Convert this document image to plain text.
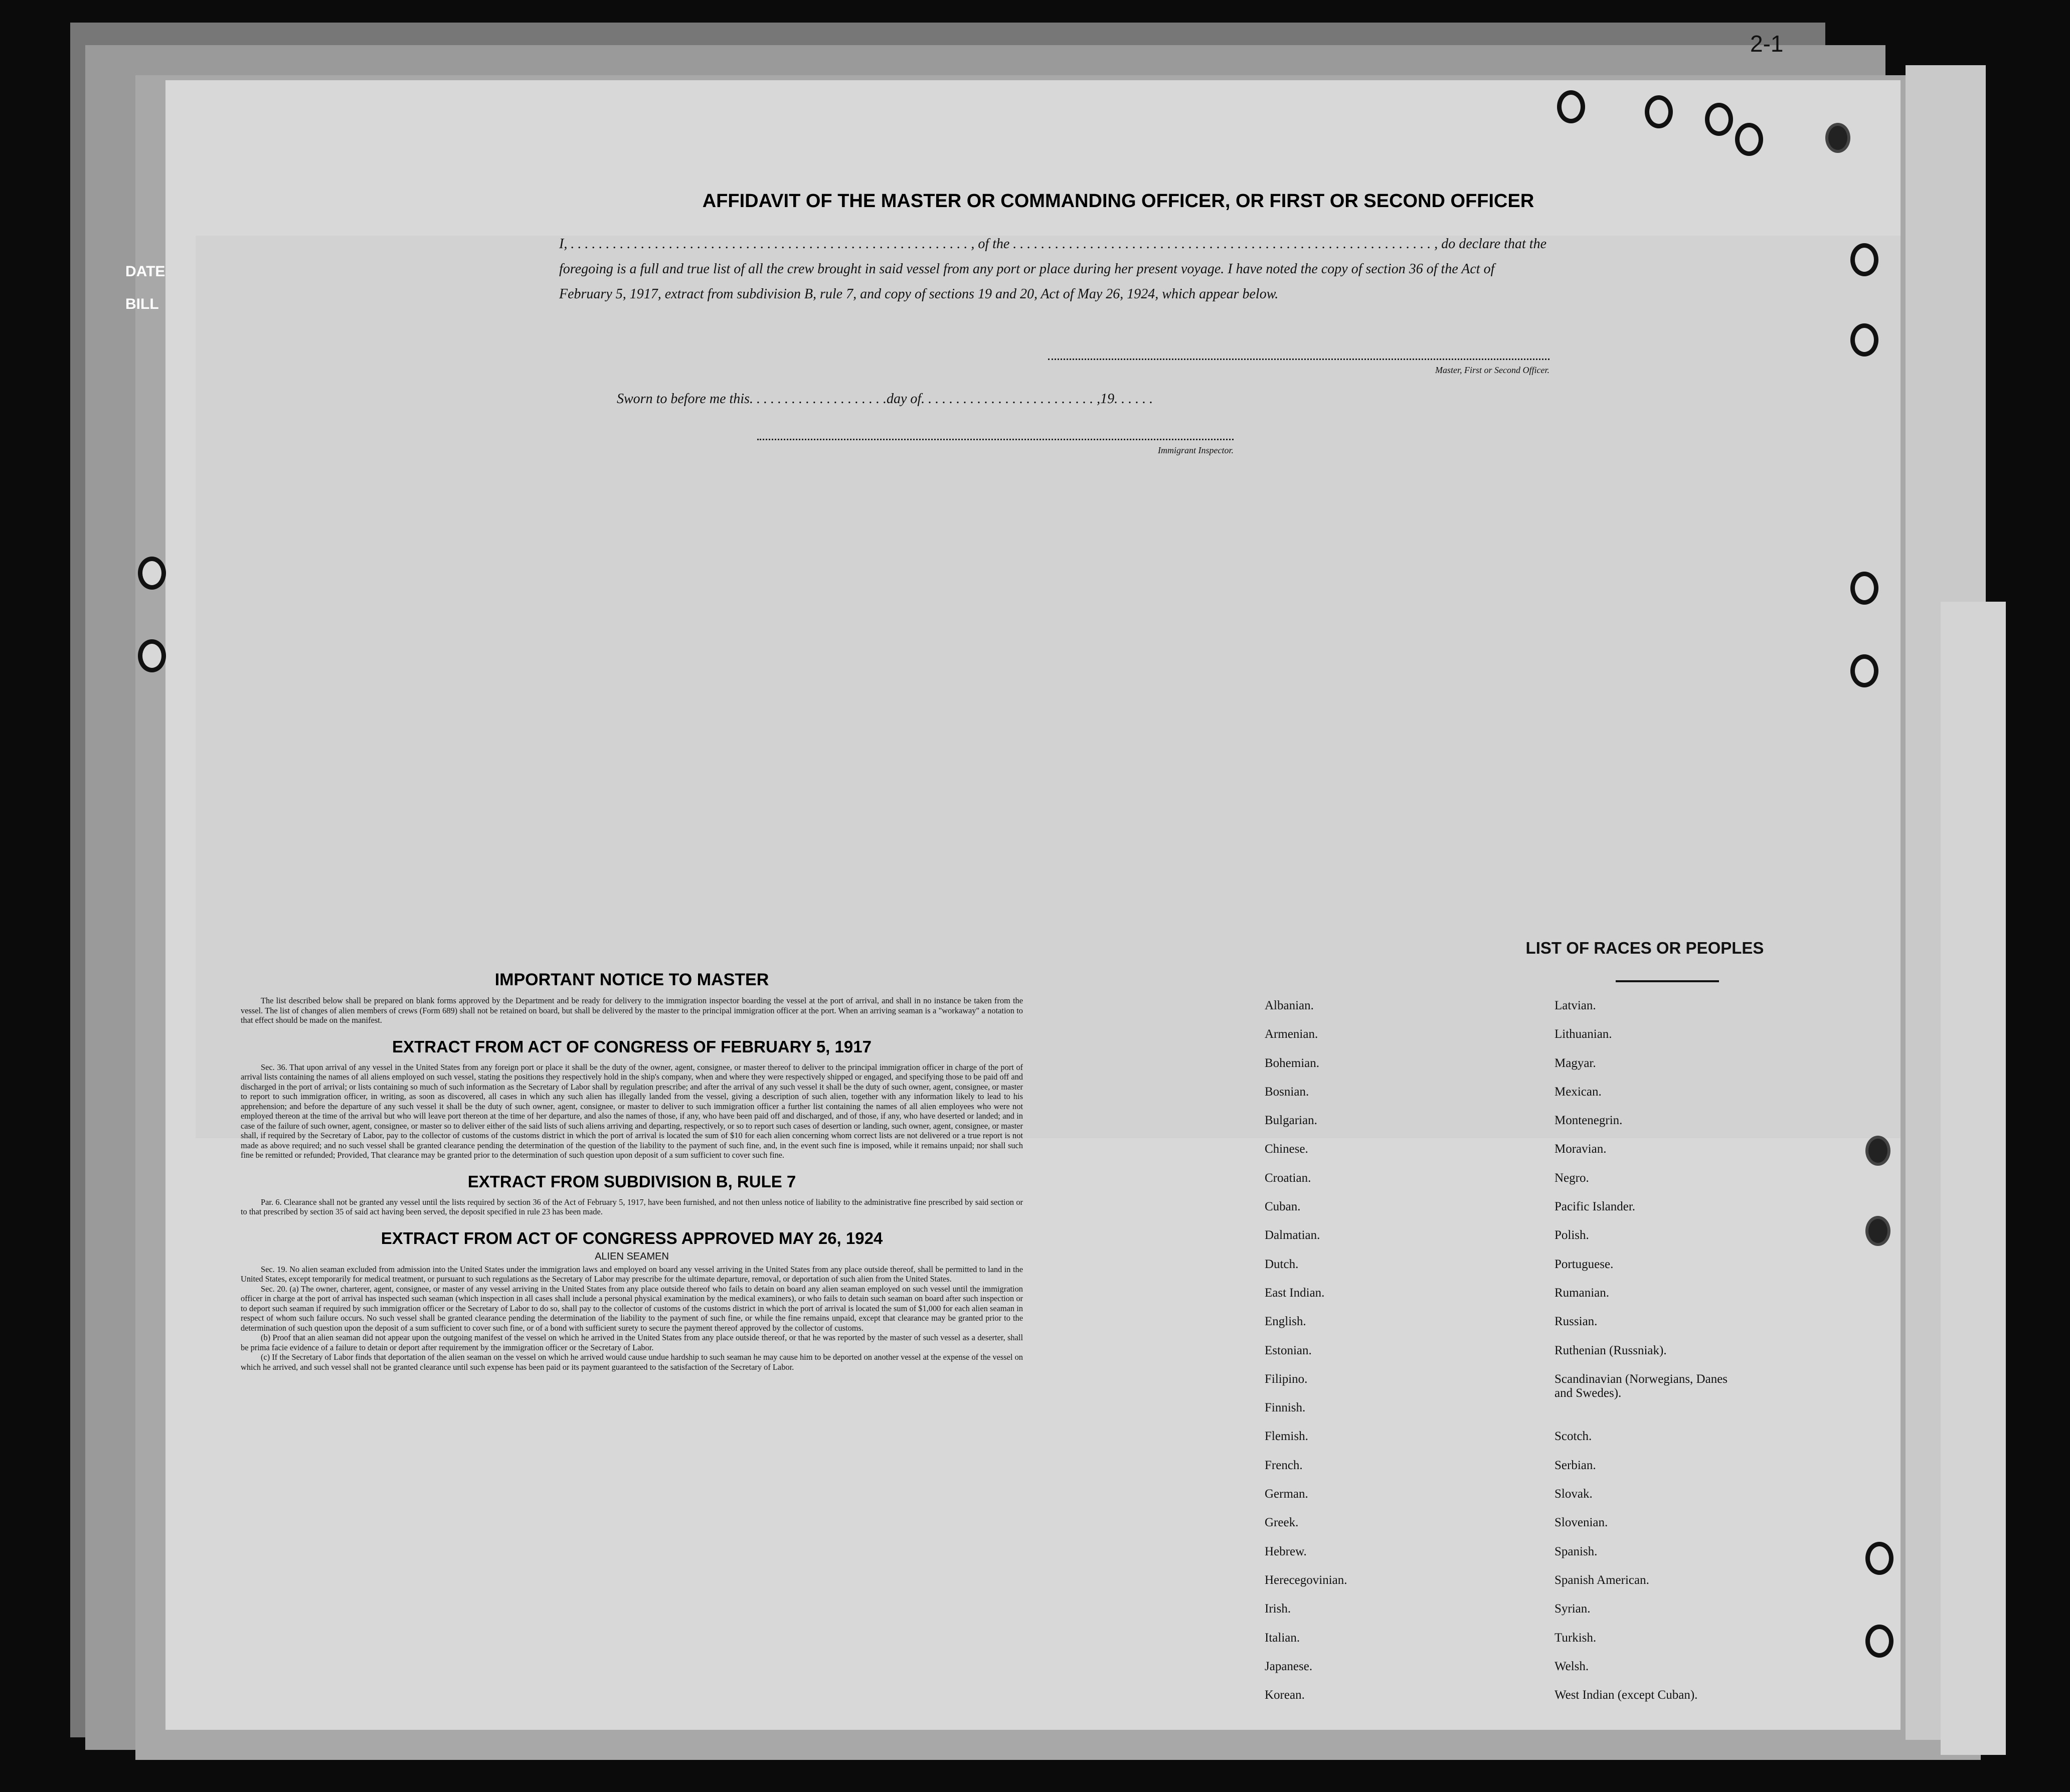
DATE
BILL
2-1
AFFIDAVIT OF THE MASTER OR COMMANDING OFFICER, OR FIRST OR SECOND OFFICER
I, . . . . . . . . . . . . . . . . . . . . . . . . . . . . . . . . . . . . . . . . . . . . . . . . . . . . . . . . . , of the . . . . . . . . . . . . . . . . . . . . . . . . . . . . . . . . . . . . . . . . . . . . . . . . . . . . . . . . . . . . , do declare that the foregoing is a full and true list of all the crew brought in said vessel from any port or place during her present voyage. I have noted the copy of section 36 of the Act of February 5, 1917, extract from subdivision B, rule 7, and copy of sections 19 and 20, Act of May 26, 1924, which appear below.
Master, First or Second Officer.
Sworn to before me this. . . . . . . . . . . . . . . . . . . .day of. . . . . . . . . . . . . . . . . . . . . . . . . ,19. . . . . .
Immigrant Inspector.
IMPORTANT NOTICE TO MASTER

The list described below shall be prepared on blank forms approved by the Department and be ready for delivery to the immigration inspector boarding the vessel at the port of arrival, and shall in no instance be taken from the vessel. The list of changes of alien members of crews (Form 689) shall not be retained on board, but shall be delivered by the master to the principal immigration officer at the port. When an arriving seaman is a "workaway" a notation to that effect should be made on the manifest.

EXTRACT FROM ACT OF CONGRESS OF FEBRUARY 5, 1917

Sec. 36. That upon arrival of any vessel in the United States from any foreign port or place it shall be the duty of the owner, agent, consignee, or master thereof to deliver to the principal immigration officer in charge of the port of arrival lists containing the names of all aliens employed on such vessel, stating the positions they respectively hold in the ship's company, when and where they were respectively shipped or engaged, and specifying those to be paid off and discharged in the port of arrival; or lists containing so much of such information as the Secretary of Labor shall by regulation prescribe; and after the arrival of any such vessel it shall be the duty of such owner, agent, consignee, or master to report to such immigration officer, in writing, as soon as discovered, all cases in which any such alien has illegally landed from the vessel, giving a description of such alien, together with any information likely to lead to his apprehension; and before the departure of any such vessel it shall be the duty of such owner, agent, consignee, or master to deliver to such immigration officer a further list containing the names of all alien employees who were not employed thereon at the time of the arrival but who will leave port thereon at the time of her departure, and also the names of those, if any, who have been paid off and discharged, and of those, if any, who have deserted or landed; and in case of the failure of such owner, agent, consignee, or master so to deliver either of the said lists of such aliens arriving and departing, respectively, or so to report such cases of desertion or landing, such owner, agent, consignee, or master shall, if required by the Secretary of Labor, pay to the collector of customs of the customs district in which the port of arrival is located the sum of $10 for each alien concerning whom correct lists are not delivered or a true report is not made as above required; and no such vessel shall be granted clearance pending the determination of the question of the liability to the payment of such fine, and, in the event such fine is imposed, while it remains unpaid; nor shall such fine be remitted or refunded; Provided, That clearance may be granted prior to the determination of such question upon deposit of a sum sufficient to cover such fine.

EXTRACT FROM SUBDIVISION B, RULE 7

Par. 6. Clearance shall not be granted any vessel until the lists required by section 36 of the Act of February 5, 1917, have been furnished, and not then unless notice of liability to the administrative fine prescribed by said section or to that prescribed by section 35 of said act having been served, the deposit specified in rule 23 has been made.

EXTRACT FROM ACT OF CONGRESS APPROVED MAY 26, 1924
ALIEN SEAMEN

Sec. 19. No alien seaman excluded from admission into the United States under the immigration laws and employed on board any vessel arriving in the United States from any place outside thereof, shall be permitted to land in the United States, except temporarily for medical treatment, or pursuant to such regulations as the Secretary of Labor may prescribe for the ultimate departure, removal, or deportation of such alien from the United States.

Sec. 20. (a) The owner, charterer, agent, consignee, or master of any vessel arriving in the United States from any place outside thereof who fails to detain on board any alien seaman employed on such vessel until the immigration officer in charge at the port of arrival has inspected such seaman (which inspection in all cases shall include a personal physical examination by the medical examiners), or who fails to detain such seaman on board after such inspection or to deport such seaman if required by such immigration officer or the Secretary of Labor to do so, shall pay to the collector of customs of the customs district in which the port of arrival is located the sum of $1,000 for each alien seaman in respect of whom such failure occurs. No such vessel shall be granted clearance pending the determination of the liability to the payment of such fine, or while the fine remains unpaid, except that clearance may be granted prior to the determination of such question upon the deposit of a sum sufficient to cover such fine, or of a bond with sufficient surety to secure the payment thereof approved by the collector of customs.

(b) Proof that an alien seaman did not appear upon the outgoing manifest of the vessel on which he arrived in the United States from any place outside thereof, or that he was reported by the master of such vessel as a deserter, shall be prima facie evidence of a failure to detain or deport after requirement by the immigration officer or the Secretary of Labor.

(c) If the Secretary of Labor finds that deportation of the alien seaman on the vessel on which he arrived would cause undue hardship to such seaman he may cause him to be deported on another vessel at the expense of the vessel on which he arrived, and such vessel shall not be granted clearance until such expense has been paid or its payment guaranteed to the satisfaction of the Secretary of Labor.

LIST OF RACES OR PEOPLES
Albanian.
Armenian.
Bohemian.
Bosnian.
Bulgarian.
Chinese.
Croatian.
Cuban.
Dalmatian.
Dutch.
East Indian.
English.
Estonian.
Filipino.
Finnish.
Flemish.
French.
German.
Greek.
Hebrew.
Herecegovinian.
Irish.
Italian.
Japanese.
Korean.
Latvian.
Lithuanian.
Magyar.
Mexican.
Montenegrin.
Moravian.
Negro.
Pacific Islander.
Polish.
Portuguese.
Rumanian.
Russian.
Ruthenian (Russniak).
Scandinavian (Norwegians, Danes and Swedes).
Scotch.
Serbian.
Slovak.
Slovenian.
Spanish.
Spanish American.
Syrian.
Turkish.
Welsh.
West Indian (except Cuban).
